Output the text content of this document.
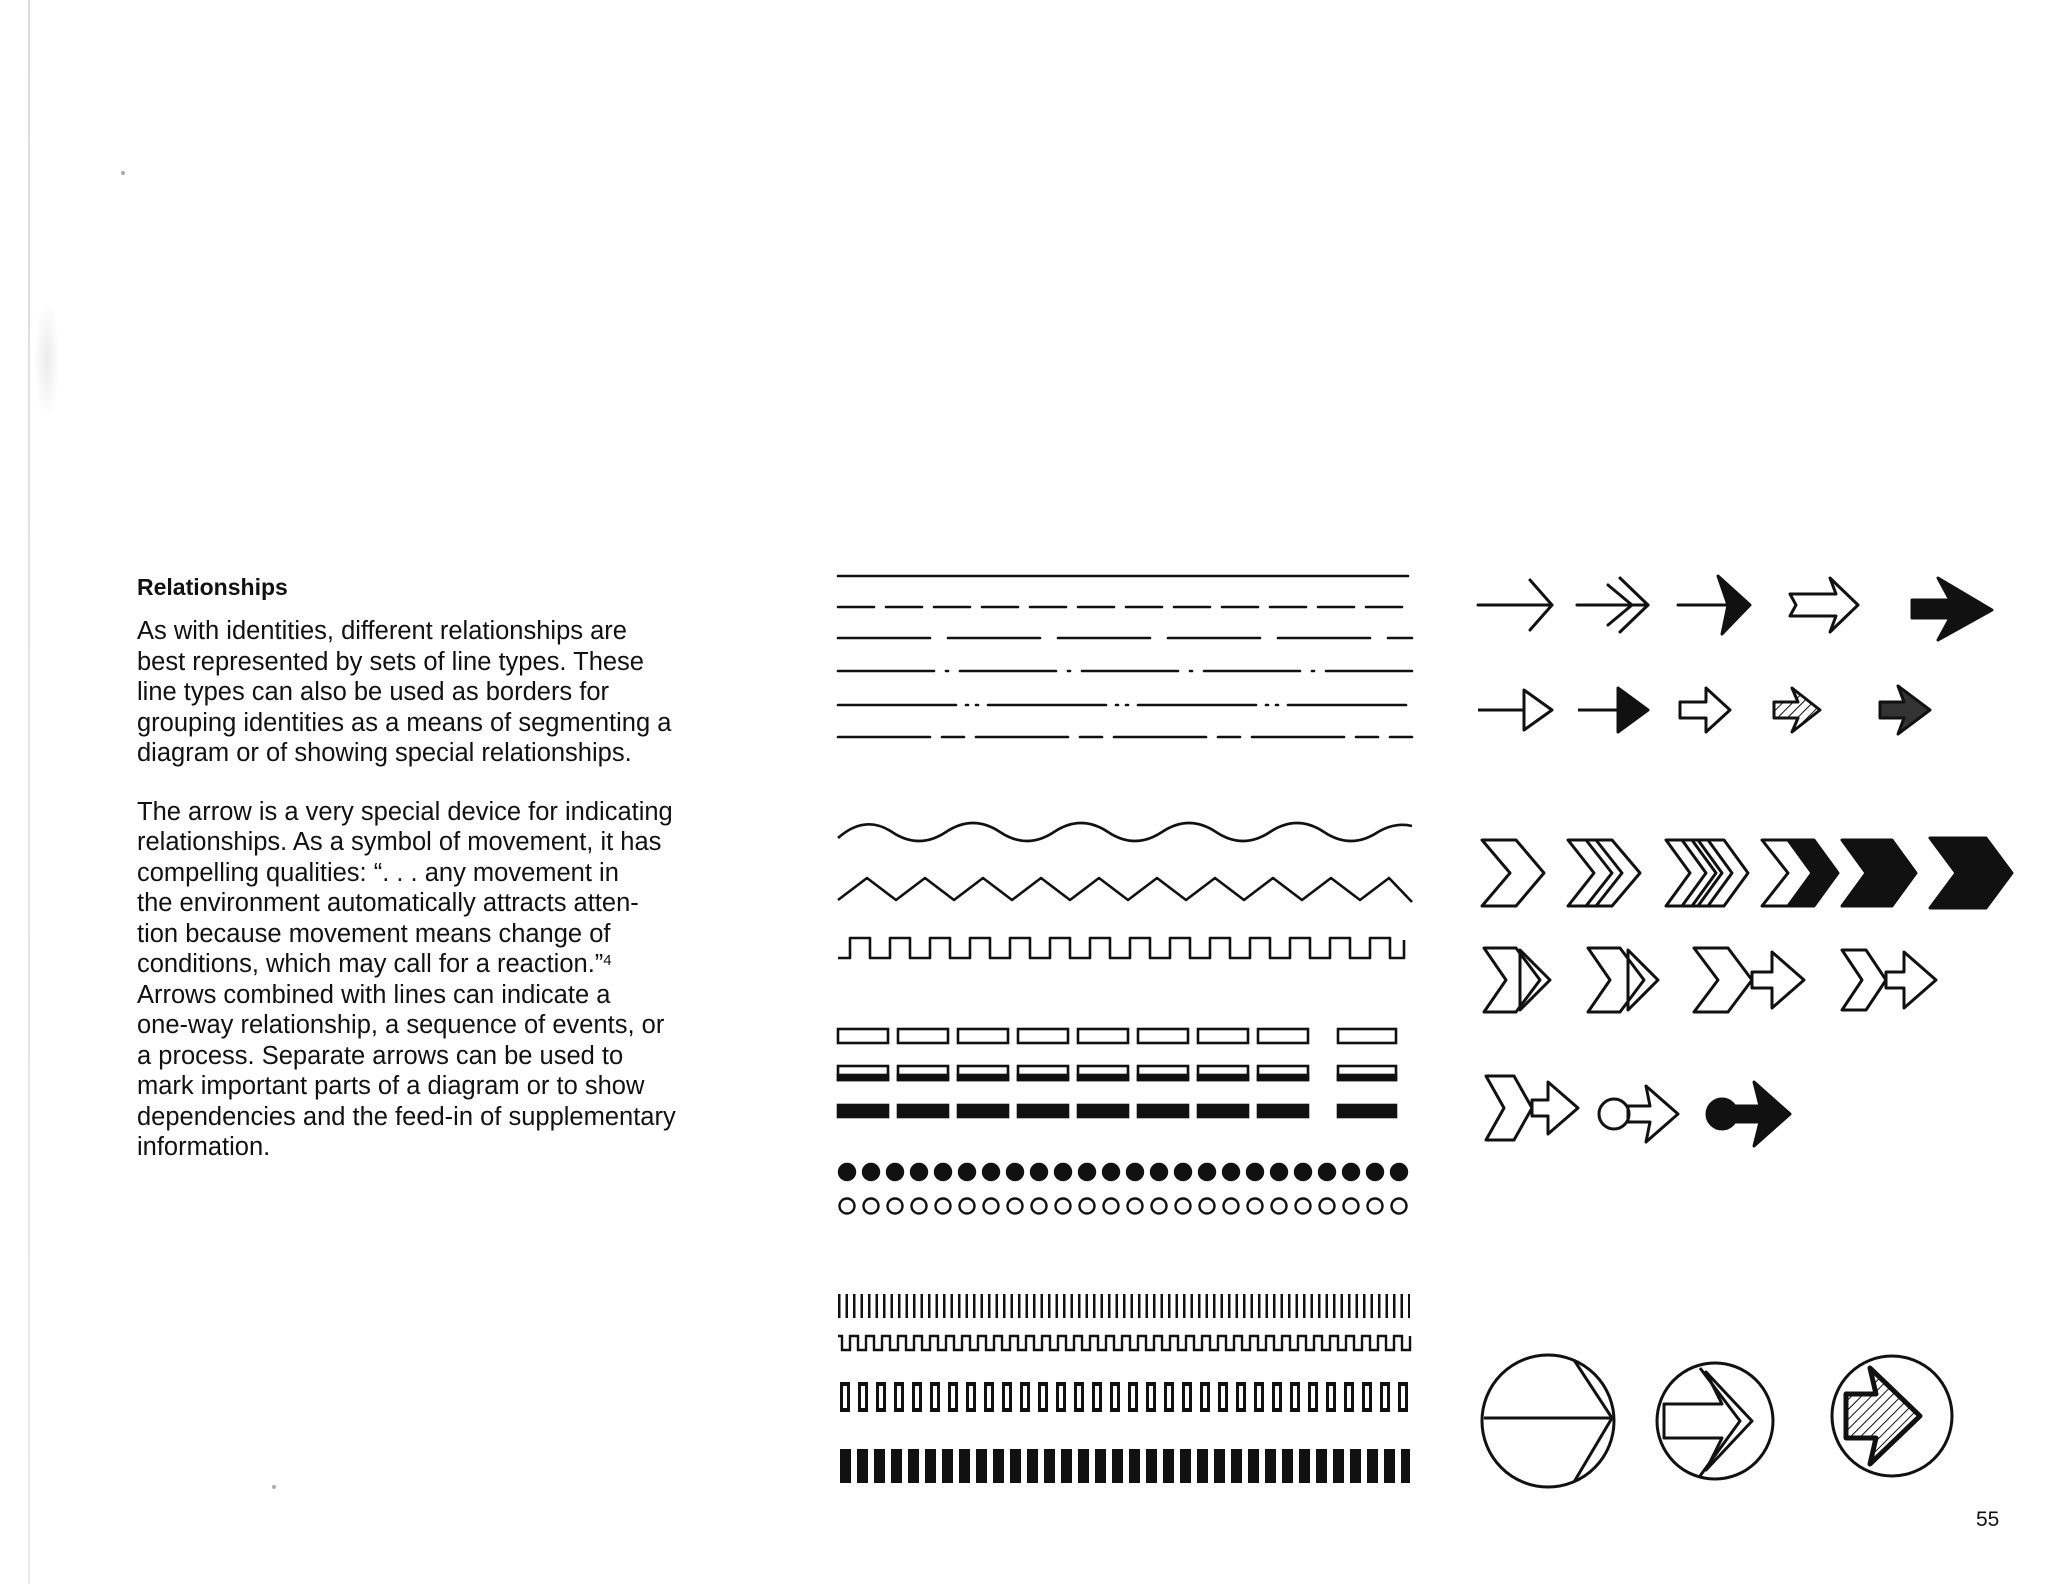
Relationships

As with identities, different relationships are
best represented by sets of line types. These
line types can also be used as borders for
grouping identities as a means of segmenting a
diagram or of showing special relationships.

The arrow is a very special device for indicating
relationships. As a symbol of movement, it has
compelling qualities: “. . . any movement in
the environment automatically attracts atten-
tion because movement means change of
conditions, which may call for a reaction.”$^4$
Arrows combined with lines can indicate a
one-way relationship, a sequence of events, or
a process. Separate arrows can be used to
mark important parts of a diagram or to show
dependencies and the feed-in of supplementary
information.

55
